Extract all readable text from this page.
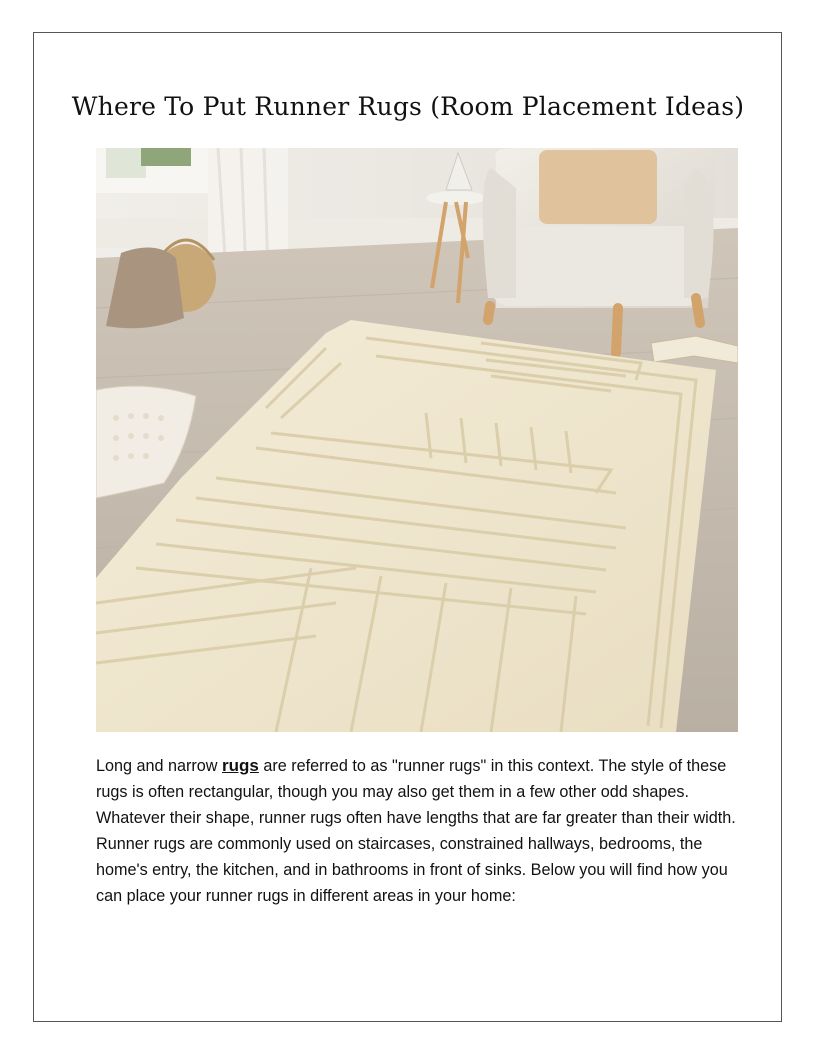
Where To Put Runner Rugs (Room Placement Ideas)

Long and narrow rugs are referred to as "runner rugs" in this context. The style of these rugs is often rectangular, though you may also get them in a few other odd shapes. Whatever their shape, runner rugs often have lengths that are far greater than their width. Runner rugs are commonly used on staircases, constrained hallways, bedrooms, the home's entry, the kitchen, and in bathrooms in front of sinks. Below you will find how you can place your runner rugs in different areas in your home:
